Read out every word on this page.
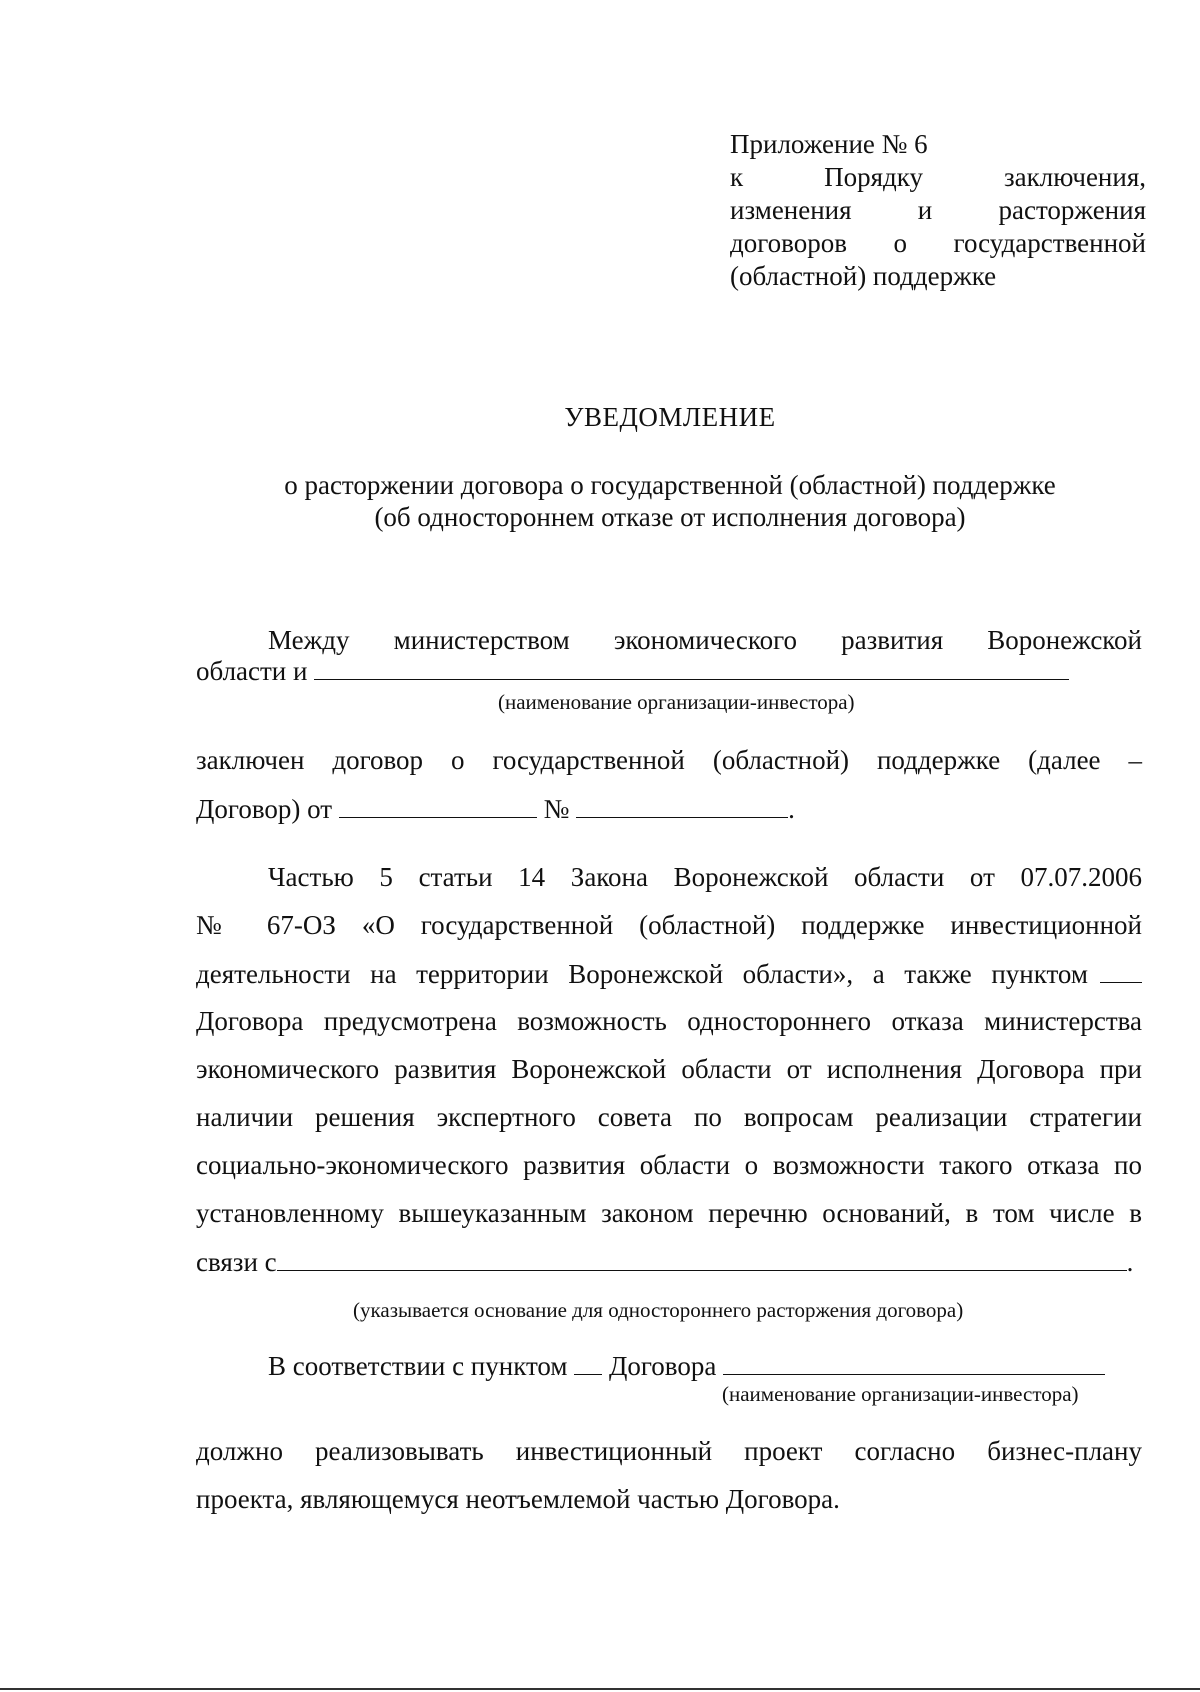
Приложение № 6
к Порядку заключения,
изменения и расторжения
договоров о государственной
(областной) поддержке
УВЕДОМЛЕНИЕ
о расторжении договора о государственной (областной) поддержке
(об одностороннем отказе от исполнения договора)
Между министерством экономического развития Воронежской
области и
(наименование организации-инвестора)
заключен договор о государственной (областной) поддержке (далее –
Договор) от	№	.
Частью 5 статьи 14 Закона Воронежской области от 07.07.2006
№ 67-ОЗ «О государственной (областной) поддержке инвестиционной
деятельности на территории Воронежской области», а также пунктом
Договора предусмотрена возможность одностороннего отказа министерства
экономического развития Воронежской области от исполнения Договора при
наличии решения экспертного совета по вопросам реализации стратегии
социально-экономического развития области о возможности такого отказа по
установленному вышеуказанным законом перечню оснований, в том числе в
связи с	.
(указывается основание для одностороннего расторжения договора)
В соответствии с пунктом Договора
(наименование организации-инвестора)
должно реализовывать инвестиционный проект согласно бизнес-плану
проекта, являющемуся неотъемлемой частью Договора.
